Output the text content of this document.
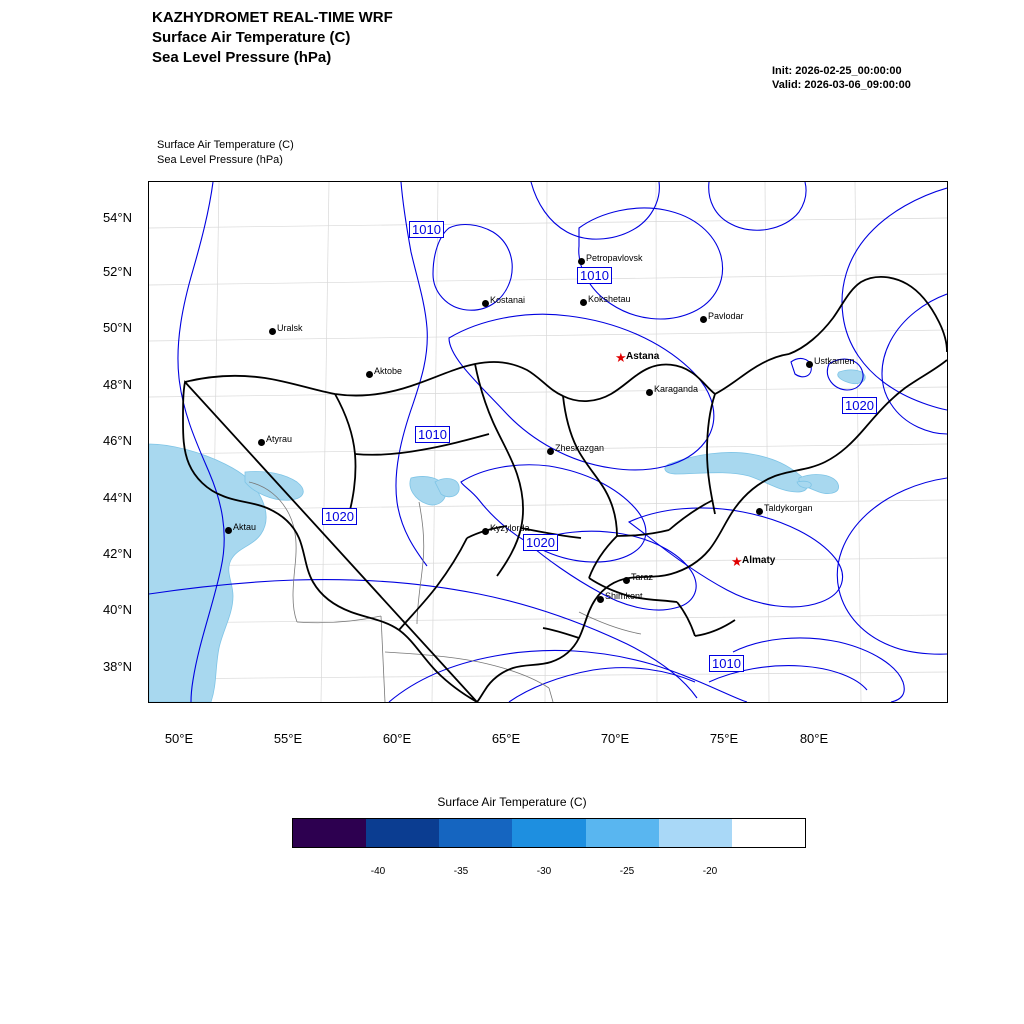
KAZHYDROMET REAL-TIME WRF
Surface Air Temperature (C)
Sea Level Pressure (hPa)
Init: 2026-02-25_00:00:00
Valid: 2026-03-06_09:00:00
Surface Air Temperature (C)
Sea Level Pressure (hPa)
54°N
52°N
50°N
48°N
46°N
44°N
42°N
40°N
38°N
50°E	55°E	60°E	65°E	70°E	75°E	80°E
Petropavlovsk
Kostanai	Kokshetau
Pavlodar
Uralsk
★ Astana	Ustkamen
Aktobe
Karaganda
Atyrau
Zheskazgan
Taldykorgan
Aktau	Kyzylorda
★ Almaty
Taraz
Shimkent
1010
1010
1020
1010
1020
1020
1010
Surface Air Temperature (C)
-40	-35	-30	-25	-20
